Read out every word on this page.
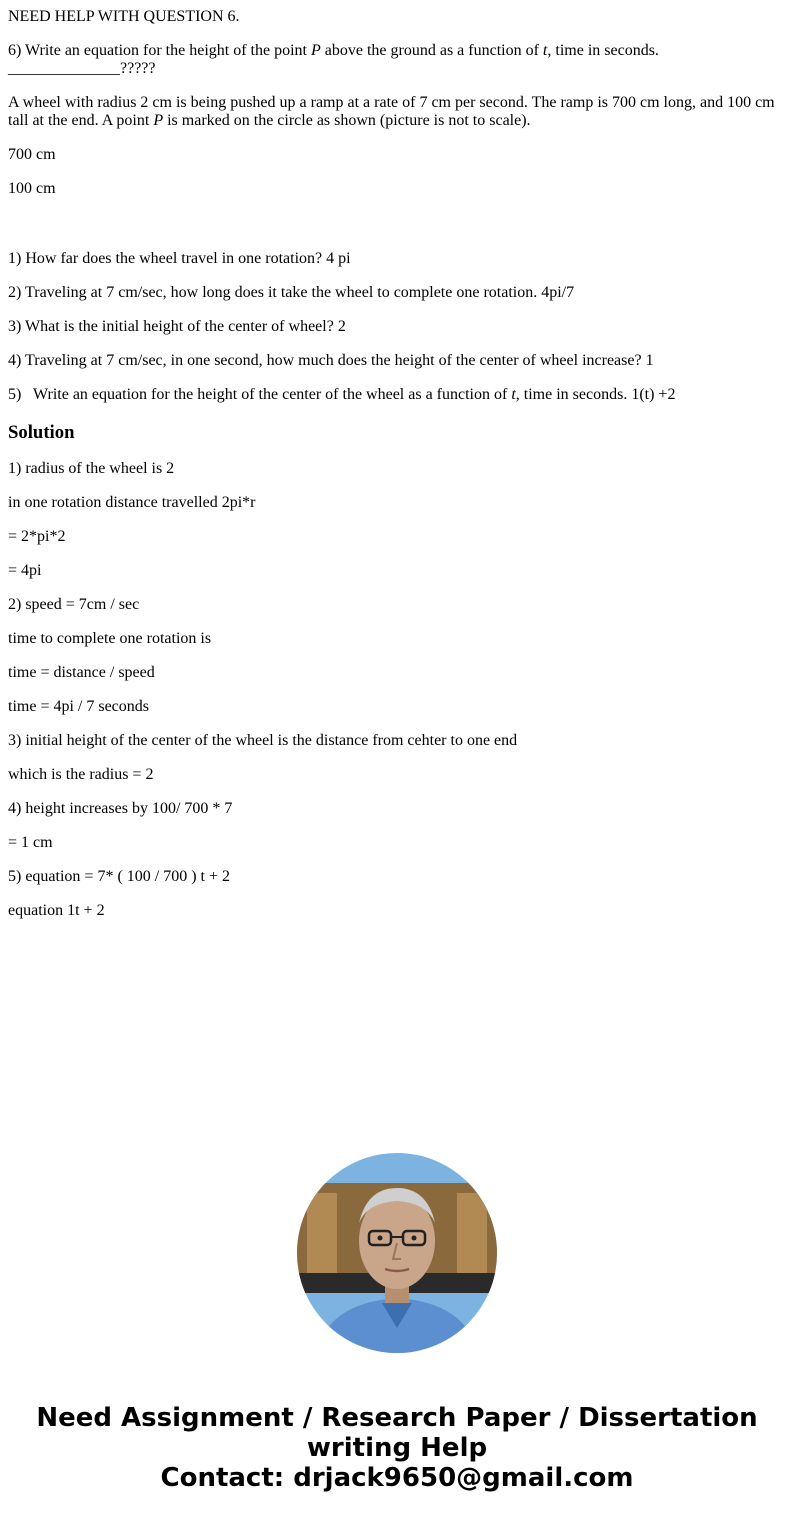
NEED HELP WITH QUESTION 6.

6) Write an equation for the height of the point P above the ground as a function of t, time in seconds.
______________?????

A wheel with radius 2 cm is being pushed up a ramp at a rate of 7 cm per second. The ramp is 700 cm long, and 100 cm tall at the end. A point P is marked on the circle as shown (picture is not to scale).

700 cm

100 cm

1) How far does the wheel travel in one rotation? 4 pi

2) Traveling at 7 cm/sec, how long does it take the wheel to complete one rotation. 4pi/7

3) What is the initial height of the center of wheel? 2

4) Traveling at 7 cm/sec, in one second, how much does the height of the center of wheel increase? 1

5)   Write an equation for the height of the center of the wheel as a function of t, time in seconds. 1(t) +2

Solution

1) radius of the wheel is 2

in one rotation distance travelled 2pi*r

= 2*pi*2

= 4pi

2) speed = 7cm / sec

time to complete one rotation is

time = distance / speed

time = 4pi / 7 seconds

3) initial height of the center of the wheel is the distance from cehter to one end

which is the radius = 2

4) height increases by 100/ 700 * 7

= 1 cm

5) equation = 7* ( 100 / 700 ) t + 2

equation 1t + 2

Need Assignment / Research Paper / Dissertation
writing Help
Contact: drjack9650@gmail.com
